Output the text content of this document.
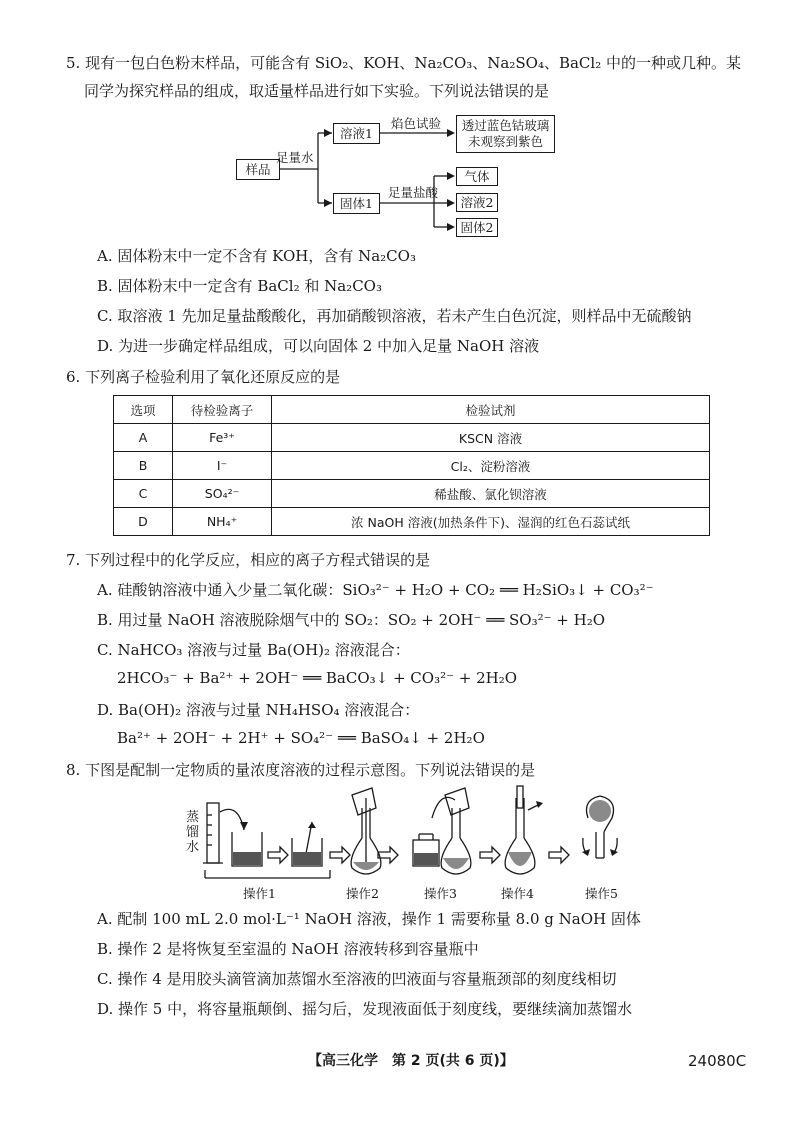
5. 现有一包白色粉末样品，可能含有 SiO₂、KOH、Na₂CO₃、Na₂SO₄、BaCl₂ 中的一种或几种。某
同学为探究样品的组成，取适量样品进行如下实验。下列说法错误的是
样品
足量水
溶液1
焰色试验	透过蓝色钴玻璃
未观察到紫色
固体1
足量盐酸
气体
溶液2
固体2
A. 固体粉末中一定不含有 KOH，含有 Na₂CO₃
B. 固体粉末中一定含有 BaCl₂ 和 Na₂CO₃
C. 取溶液 1 先加足量盐酸酸化，再加硝酸钡溶液，若未产生白色沉淀，则样品中无硫酸钠
D. 为进一步确定样品组成，可以向固体 2 中加入足量 NaOH 溶液
6. 下列离子检验利用了氧化还原反应的是
选项	待检验离子	检验试剂
A	Fe³⁺	KSCN 溶液
B	I⁻	Cl₂、淀粉溶液
C	SO₄²⁻	稀盐酸、氯化钡溶液
D	NH₄⁺	浓 NaOH 溶液(加热条件下)、湿润的红色石蕊试纸
7. 下列过程中的化学反应，相应的离子方程式错误的是
A. 硅酸钠溶液中通入少量二氧化碳：SiO₃²⁻ + H₂O + CO₂ ══ H₂SiO₃↓ + CO₃²⁻
B. 用过量 NaOH 溶液脱除烟气中的 SO₂：SO₂ + 2OH⁻ ══ SO₃²⁻ + H₂O
C. NaHCO₃ 溶液与过量 Ba(OH)₂ 溶液混合：
2HCO₃⁻ + Ba²⁺ + 2OH⁻ ══ BaCO₃↓ + CO₃²⁻ + 2H₂O
D. Ba(OH)₂ 溶液与过量 NH₄HSO₄ 溶液混合：
Ba²⁺ + 2OH⁻ + 2H⁺ + SO₄²⁻ ══ BaSO₄↓ + 2H₂O
8. 下图是配制一定物质的量浓度溶液的过程示意图。下列说法错误的是
蒸
馏
水
操作1	操作2	操作3	操作4	操作5
A. 配制 100 mL 2.0 mol·L⁻¹ NaOH 溶液，操作 1 需要称量 8.0 g NaOH 固体
B. 操作 2 是将恢复至室温的 NaOH 溶液转移到容量瓶中
C. 操作 4 是用胶头滴管滴加蒸馏水至溶液的凹液面与容量瓶颈部的刻度线相切
D. 操作 5 中，将容量瓶颠倒、摇匀后，发现液面低于刻度线，要继续滴加蒸馏水
【高三化学　第 2 页(共 6 页)】	24080C
